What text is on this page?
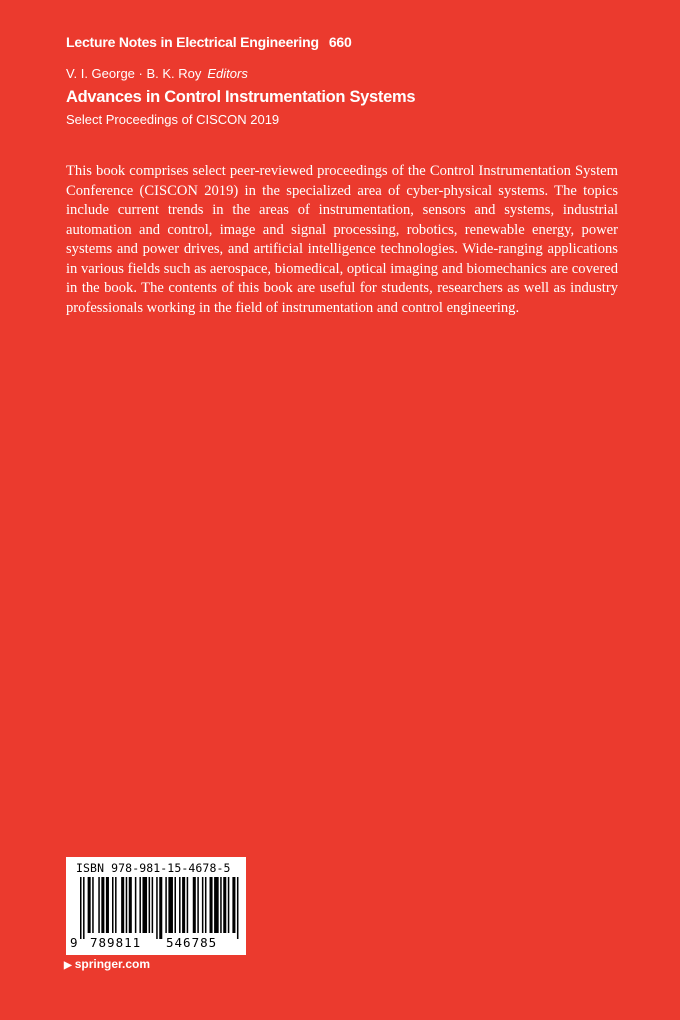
Lecture Notes in Electrical Engineering 660
V. I. George · B. K. Roy Editors
Advances in Control Instrumentation Systems
Select Proceedings of CISCON 2019

This book comprises select peer-reviewed proceedings of the Control Instrumentation System Conference (CISCON 2019) in the specialized area of cyber-physical systems. The topics include current trends in the areas of instrumentation, sensors and systems, industrial automation and control, image and signal processing, robotics, renewable energy, power systems and power drives, and artificial intelligence technologies. Wide-ranging applications in various fields such as aerospace, biomedical, optical imaging and biomechanics are covered in the book. The contents of this book are useful for students, researchers as well as industry professionals working in the field of instrumentation and control engineering.

ISBN 978-981-15-4678-5
9 789811 546785
▶ springer.com
